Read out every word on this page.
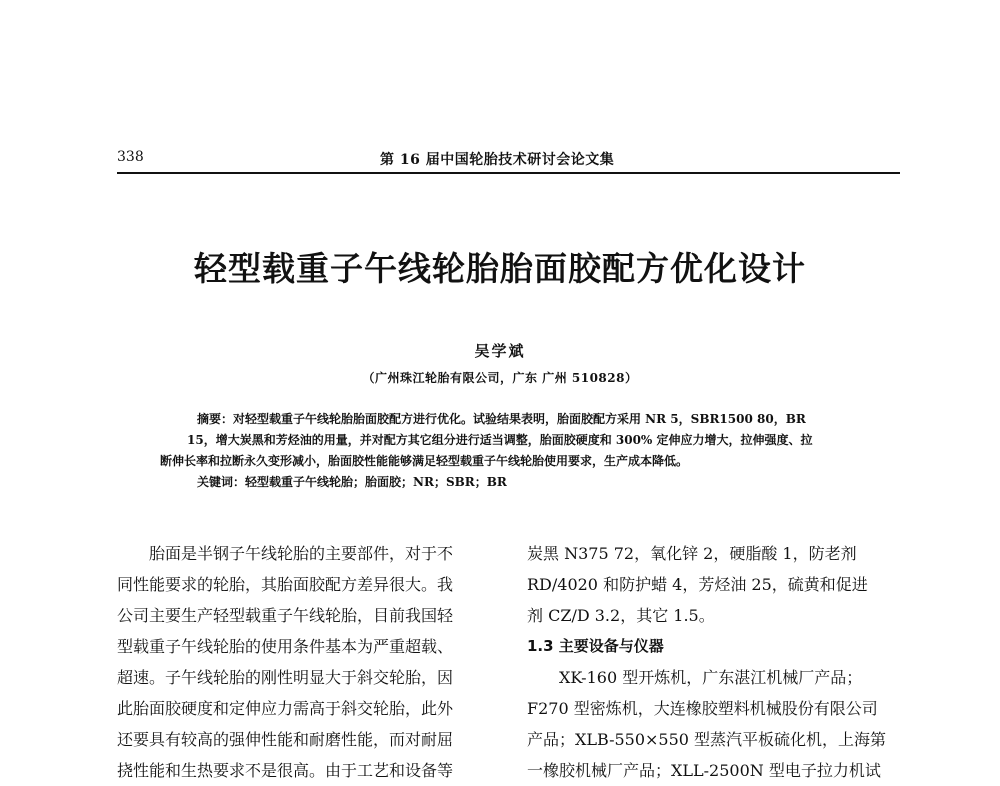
338	第 16 届中国轮胎技术研讨会论文集
轻型载重子午线轮胎胎面胶配方优化设计
吴学斌
（广州珠江轮胎有限公司，广东 广州 510828）
摘要：对轻型载重子午线轮胎胎面胶配方进行优化。试验结果表明，胎面胶配方采用 NR 5，SBR1500 80，BR
15，增大炭黑和芳烃油的用量，并对配方其它组分进行适当调整，胎面胶硬度和 300% 定伸应力增大，拉伸强度、拉
断伸长率和拉断永久变形减小，胎面胶性能能够满足轻型载重子午线轮胎使用要求，生产成本降低。
关键词：轻型载重子午线轮胎；胎面胶；NR；SBR；BR
胎面是半钢子午线轮胎的主要部件，对于不
同性能要求的轮胎，其胎面胶配方差异很大。我
公司主要生产轻型载重子午线轮胎，目前我国轻
型载重子午线轮胎的使用条件基本为严重超载、
超速。子午线轮胎的刚性明显大于斜交轮胎，因
此胎面胶硬度和定伸应力需高于斜交轮胎，此外
还要具有较高的强伸性能和耐磨性能，而对耐屈
挠性能和生热要求不是很高。由于工艺和设备等
炭黑 N375 72，氧化锌 2，硬脂酸 1，防老剂
RD/4020 和防护蜡 4，芳烃油 25，硫黄和促进
剂 CZ/D 3.2，其它 1.5。
1.3 主要设备与仪器
XK-160 型开炼机，广东湛江机械厂产品；
F270 型密炼机，大连橡胶塑料机械股份有限公司
产品；XLB-550×550 型蒸汽平板硫化机，上海第
一橡胶机械厂产品；XLL-2500N 型电子拉力机试
